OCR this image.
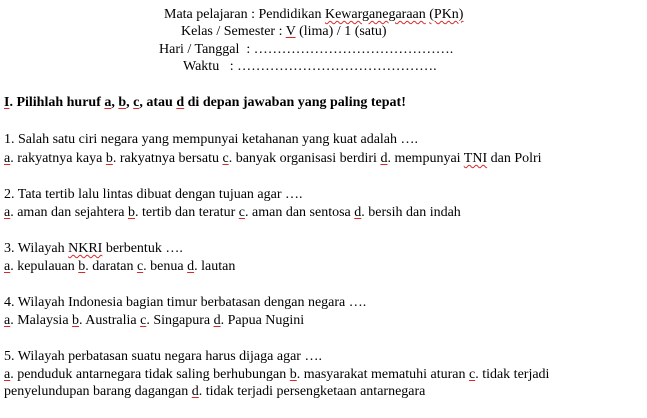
Mata pelajaran : Pendidikan Kewarganegaraan (PKn)
Kelas / Semester : V (lima) / 1 (satu)
Hari / Tanggal  : …………………………………….
Waktu   : …………………………………….
I. Pilihlah huruf a, b, c, atau d di depan jawaban yang paling tepat!
1. Salah satu ciri negara yang mempunyai ketahanan yang kuat adalah ….
a. rakyatnya kaya b. rakyatnya bersatu c. banyak organisasi berdiri d. mempunyai TNI dan Polri
2. Tata tertib lalu lintas dibuat dengan tujuan agar ….
a. aman dan sejahtera b. tertib dan teratur c. aman dan sentosa d. bersih dan indah
3. Wilayah NKRI berbentuk ….
a. kepulauan b. daratan c. benua d. lautan
4. Wilayah Indonesia bagian timur berbatasan dengan negara ….
a. Malaysia b. Australia c. Singapura d. Papua Nugini
5. Wilayah perbatasan suatu negara harus dijaga agar ….
a. penduduk antarnegara tidak saling berhubungan b. masyarakat mematuhi aturan c. tidak terjadi penyelundupan barang dagangan d. tidak terjadi persengketaan antarnegara
